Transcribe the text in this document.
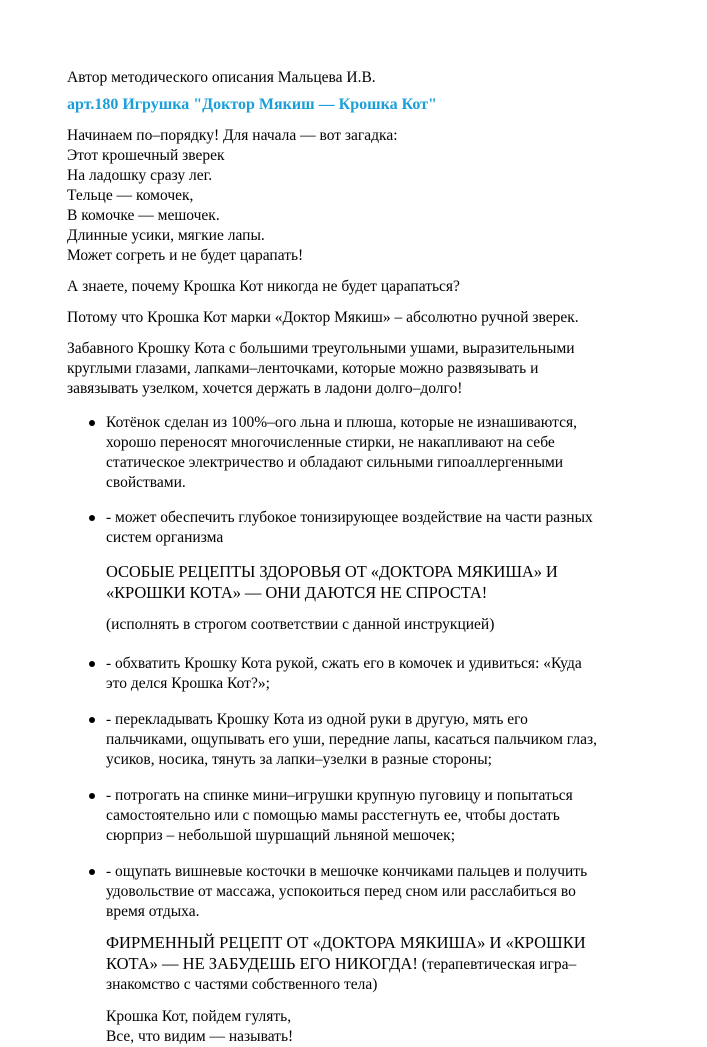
Автор методического описания Мальцева И.В.

арт.180 Игрушка "Доктор Мякиш — Крошка Кот"

Начинаем по–порядку! Для начала — вот загадка:

Этот крошечный зверек

На ладошку сразу лег.

Тельце — комочек,

В комочке — мешочек.

Длинные усики, мягкие лапы.

Может согреть и не будет царапать!

А знаете, почему Крошка Кот никогда не будет царапаться?

Потому что Крошка Кот марки «Доктор Мякиш» – абсолютно ручной зверек.

Забавного Крошку Кота с большими треугольными ушами, выразительными

круглыми глазами, лапками–ленточками, которые можно развязывать и

завязывать узелком, хочется держать в ладони долго–долго!

Котёнок сделан из 100%–ого льна и плюша, которые не изнашиваются,

хорошо переносят многочисленные стирки, не накапливают на себе

статическое электричество и обладают сильными гипоаллергенными

свойствами.

- может обеспечить глубокое тонизирующее воздействие на части разных

систем организма

ОСОБЫЕ РЕЦЕПТЫ ЗДОРОВЬЯ ОТ «ДОКТОРА МЯКИША» И

«КРОШКИ КОТА» — ОНИ ДАЮТСЯ НЕ СПРОСТА!

(исполнять в строгом соответствии с данной инструкцией)

- обхватить Крошку Кота рукой, сжать его в комочек и удивиться: «Куда

это делся Крошка Кот?»;

- перекладывать Крошку Кота из одной руки в другую, мять его

пальчиками, ощупывать его уши, передние лапы, касаться пальчиком глаз,

усиков, носика, тянуть за лапки–узелки в разные стороны;

- потрогать на спинке мини–игрушки крупную пуговицу и попытаться

самостоятельно или с помощью мамы расстегнуть ее, чтобы достать

сюрприз – небольшой шуршащий льняной мешочек;

- ощупать вишневые косточки в мешочке кончиками пальцев и получить

удовольствие от массажа, успокоиться перед сном или расслабиться во

время отдыха.

ФИРМЕННЫЙ РЕЦЕПТ ОТ «ДОКТОРА МЯКИША» И «КРОШКИ

КОТА» — НЕ ЗАБУДЕШЬ ЕГО НИКОГДА! (терапевтическая игра–

знакомство с частями собственного тела)

Крошка Кот, пойдем гулять,

Все, что видим — называть!
